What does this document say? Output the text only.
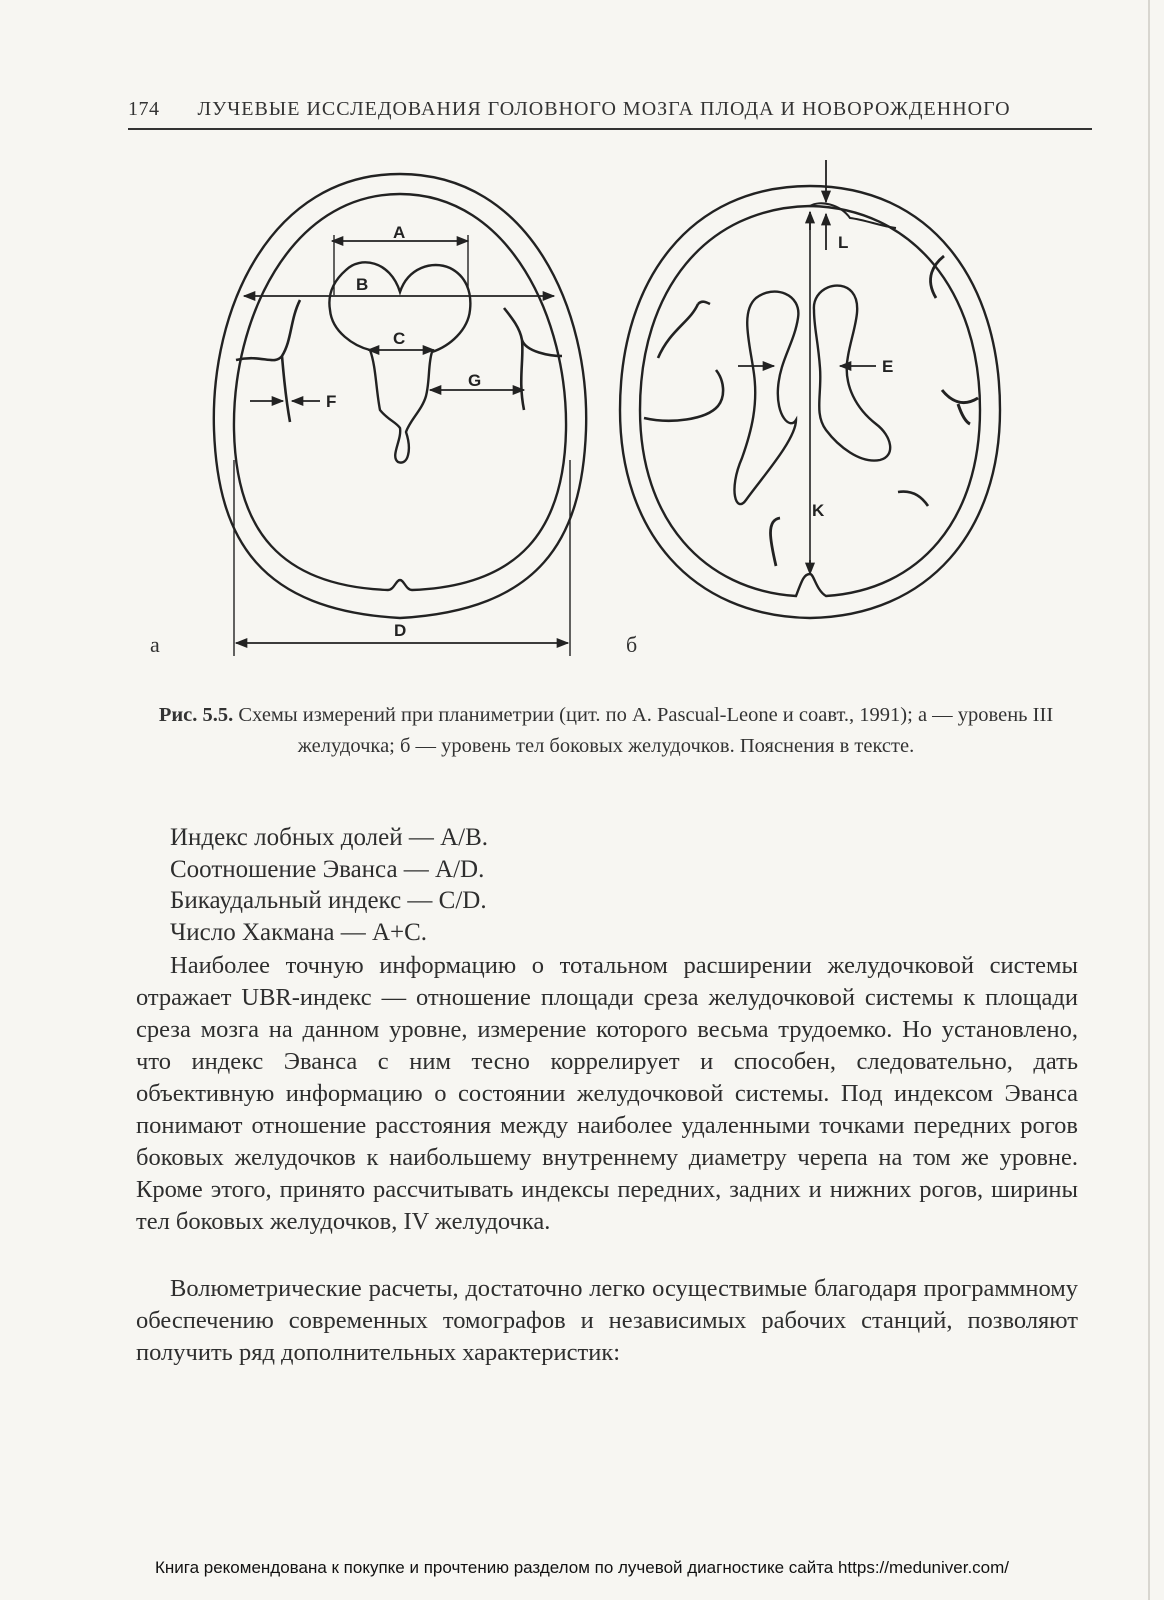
174 ЛУЧЕВЫЕ ИССЛЕДОВАНИЯ ГОЛОВНОГО МОЗГА ПЛОДА И НОВОРОЖДЕННОГО
A
B
C
G
F
D
L
E
K
а	б
Рис. 5.5. Схемы измерений при планиметрии (цит. по A. Pascual-Leone и соавт., 1991); а — уровень III желудочка; б — уровень тел боковых желудочков. Пояснения в тексте.
Индекс лобных долей — A/B.
Соотношение Эванса — A/D.
Бикаудальный индекс — C/D.
Число Хакмана — A+C.

Наиболее точную информацию о тотальном расширении желудочковой системы отражает UBR-индекс — отношение площади среза желудочковой системы к площади среза мозга на данном уровне, измерение которого весьма трудоемко. Но установлено, что индекс Эванса с ним тесно коррелирует и способен, следовательно, дать объективную информацию о состоянии желудочковой системы. Под индексом Эванса понимают отношение расстояния между наиболее удаленными точками передних рогов боковых желудочков к наибольшему внутреннему диаметру черепа на том же уровне. Кроме этого, принято рассчитывать индексы передних, задних и нижних рогов, ширины тел боковых желудочков, IV желудочка.

Волюметрические расчеты, достаточно легко осуществимые благодаря программному обеспечению современных томографов и независимых рабочих станций, позволяют получить ряд дополнительных характеристик:

Книга рекомендована к покупке и прочтению разделом по лучевой диагностике сайта https://meduniver.com/
